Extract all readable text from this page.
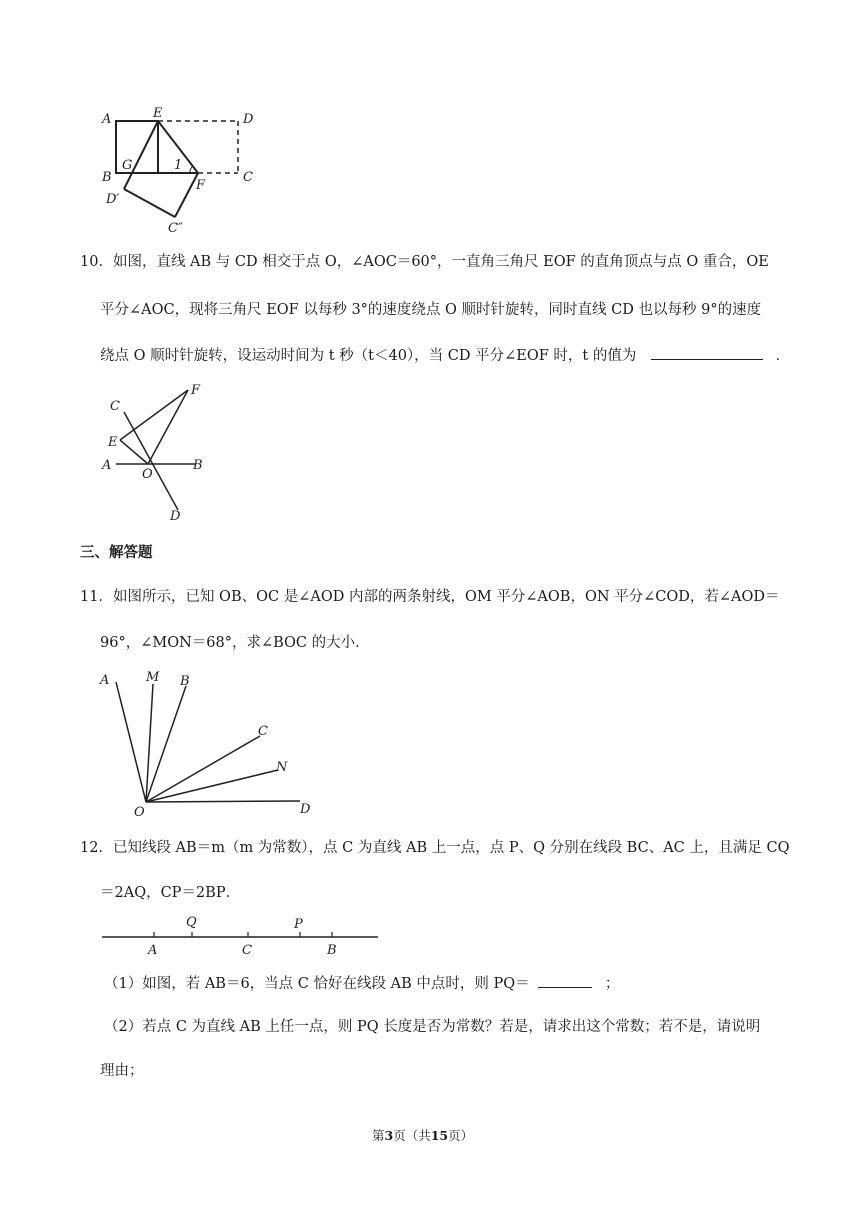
A	E	D
G	1
B
F
C
D′
C″
10．如图，直线 AB 与 CD 相交于点 O，∠AOC＝60°，一直角三角尺 EOF 的直角顶点与点 O 重合，OE
平分∠AOC，现将三角尺 EOF 以每秒 3°的速度绕点 O 顺时针旋转，同时直线 CD 也以每秒 9°的速度
绕点 O 顺时针旋转，设运动时间为 t 秒（t＜40），当 CD 平分∠EOF 时，t 的值为	．
C
F
E
A
O
B
D
三、解答题
11．如图所示，已知 OB、OC 是∠AOD 内部的两条射线，OM 平分∠AOB，ON 平分∠COD，若∠AOD＝
96°，∠MON＝68°，求∠BOC 的大小．
A	M B
C
N
O	D
12．已知线段 AB＝m（m 为常数），点 C 为直线 AB 上一点，点 P、Q 分别在线段 BC、AC 上，且满足 CQ
＝2AQ，CP＝2BP．
Q	P
A	C	B
（1）如图，若 AB＝6，当点 C 恰好在线段 AB 中点时，则 PQ＝	；
（2）若点 C 为直线 AB 上任一点，则 PQ 长度是否为常数？若是，请求出这个常数；若不是，请说明
理由；
第3页（共15页）
